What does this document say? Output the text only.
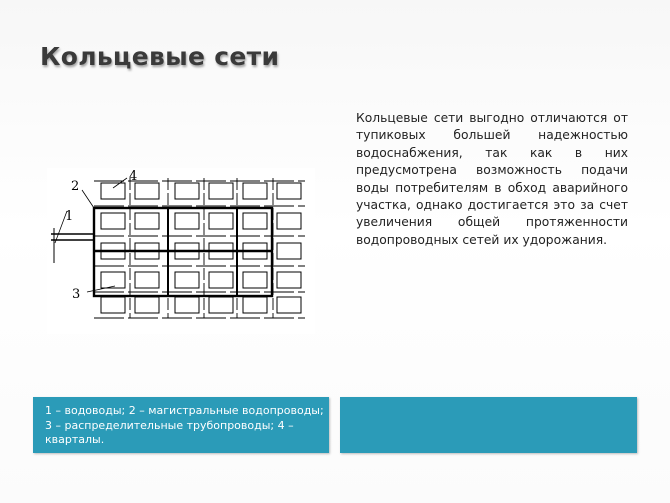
Кольцевые сети
Кольцевые сети выгодно отличаются от тупиковых большей надежностью водоснабжения, так как в них предусмотрена возможность подачи воды потребителям в обход аварийного участка, однако достигается это за счет увеличения общей протяженности водопроводных сетей их удорожания.
1
2
3
4
1 – водоводы; 2 – магистральные водопроводы; 3 – распределительные трубопроводы; 4 – кварталы.
